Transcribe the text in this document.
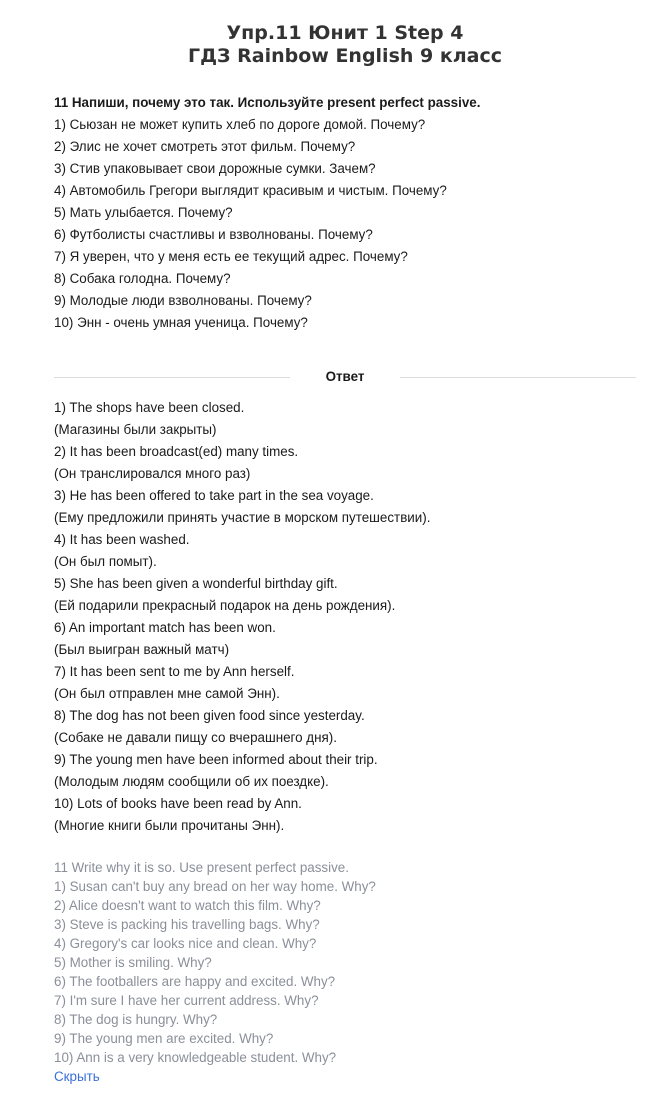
Упр.11 Юнит 1 Step 4
ГДЗ Rainbow English 9 класс
11 Напиши, почему это так. Используйте present perfect passive.
1) Сьюзан не может купить хлеб по дороге домой. Почему?
2) Элис не хочет смотреть этот фильм. Почему?
3) Стив упаковывает свои дорожные сумки. Зачем?
4) Автомобиль Грегори выглядит красивым и чистым. Почему?
5) Мать улыбается. Почему?
6) Футболисты счастливы и взволнованы. Почему?
7) Я уверен, что у меня есть ее текущий адрес. Почему?
8) Собака голодна. Почему?
9) Молодые люди взволнованы. Почему?
10) Энн - очень умная ученица. Почему?
Ответ
1) The shops have been closed.
(Магазины были закрыты)
2) It has been broadcast(ed) many times.
(Он транслировался много раз)
3) He has been offered to take part in the sea voyage.
(Ему предложили принять участие в морском путешествии).
4) It has been washed.
(Он был помыт).
5) She has been given a wonderful birthday gift.
(Ей подарили прекрасный подарок на день рождения).
6) An important match has been won.
(Был выигран важный матч)
7) It has been sent to me by Ann herself.
(Он был отправлен мне самой Энн).
8) The dog has not been given food since yesterday.
(Собаке не давали пищу со вчерашнего дня).
9) The young men have been informed about their trip.
(Молодым людям сообщили об их поездке).
10) Lots of books have been read by Ann.
(Многие книги были прочитаны Энн).
11 Write why it is so. Use present perfect passive.
1) Susan can't buy any bread on her way home. Why?
2) Alice doesn't want to watch this film. Why?
3) Steve is packing his travelling bags. Why?
4) Gregory's car looks nice and clean. Why?
5) Mother is smiling. Why?
6) The footballers are happy and excited. Why?
7) I'm sure I have her current address. Why?
8) The dog is hungry. Why?
9) The young men are excited. Why?
10) Ann is a very knowledgeable student. Why?
Скрыть
